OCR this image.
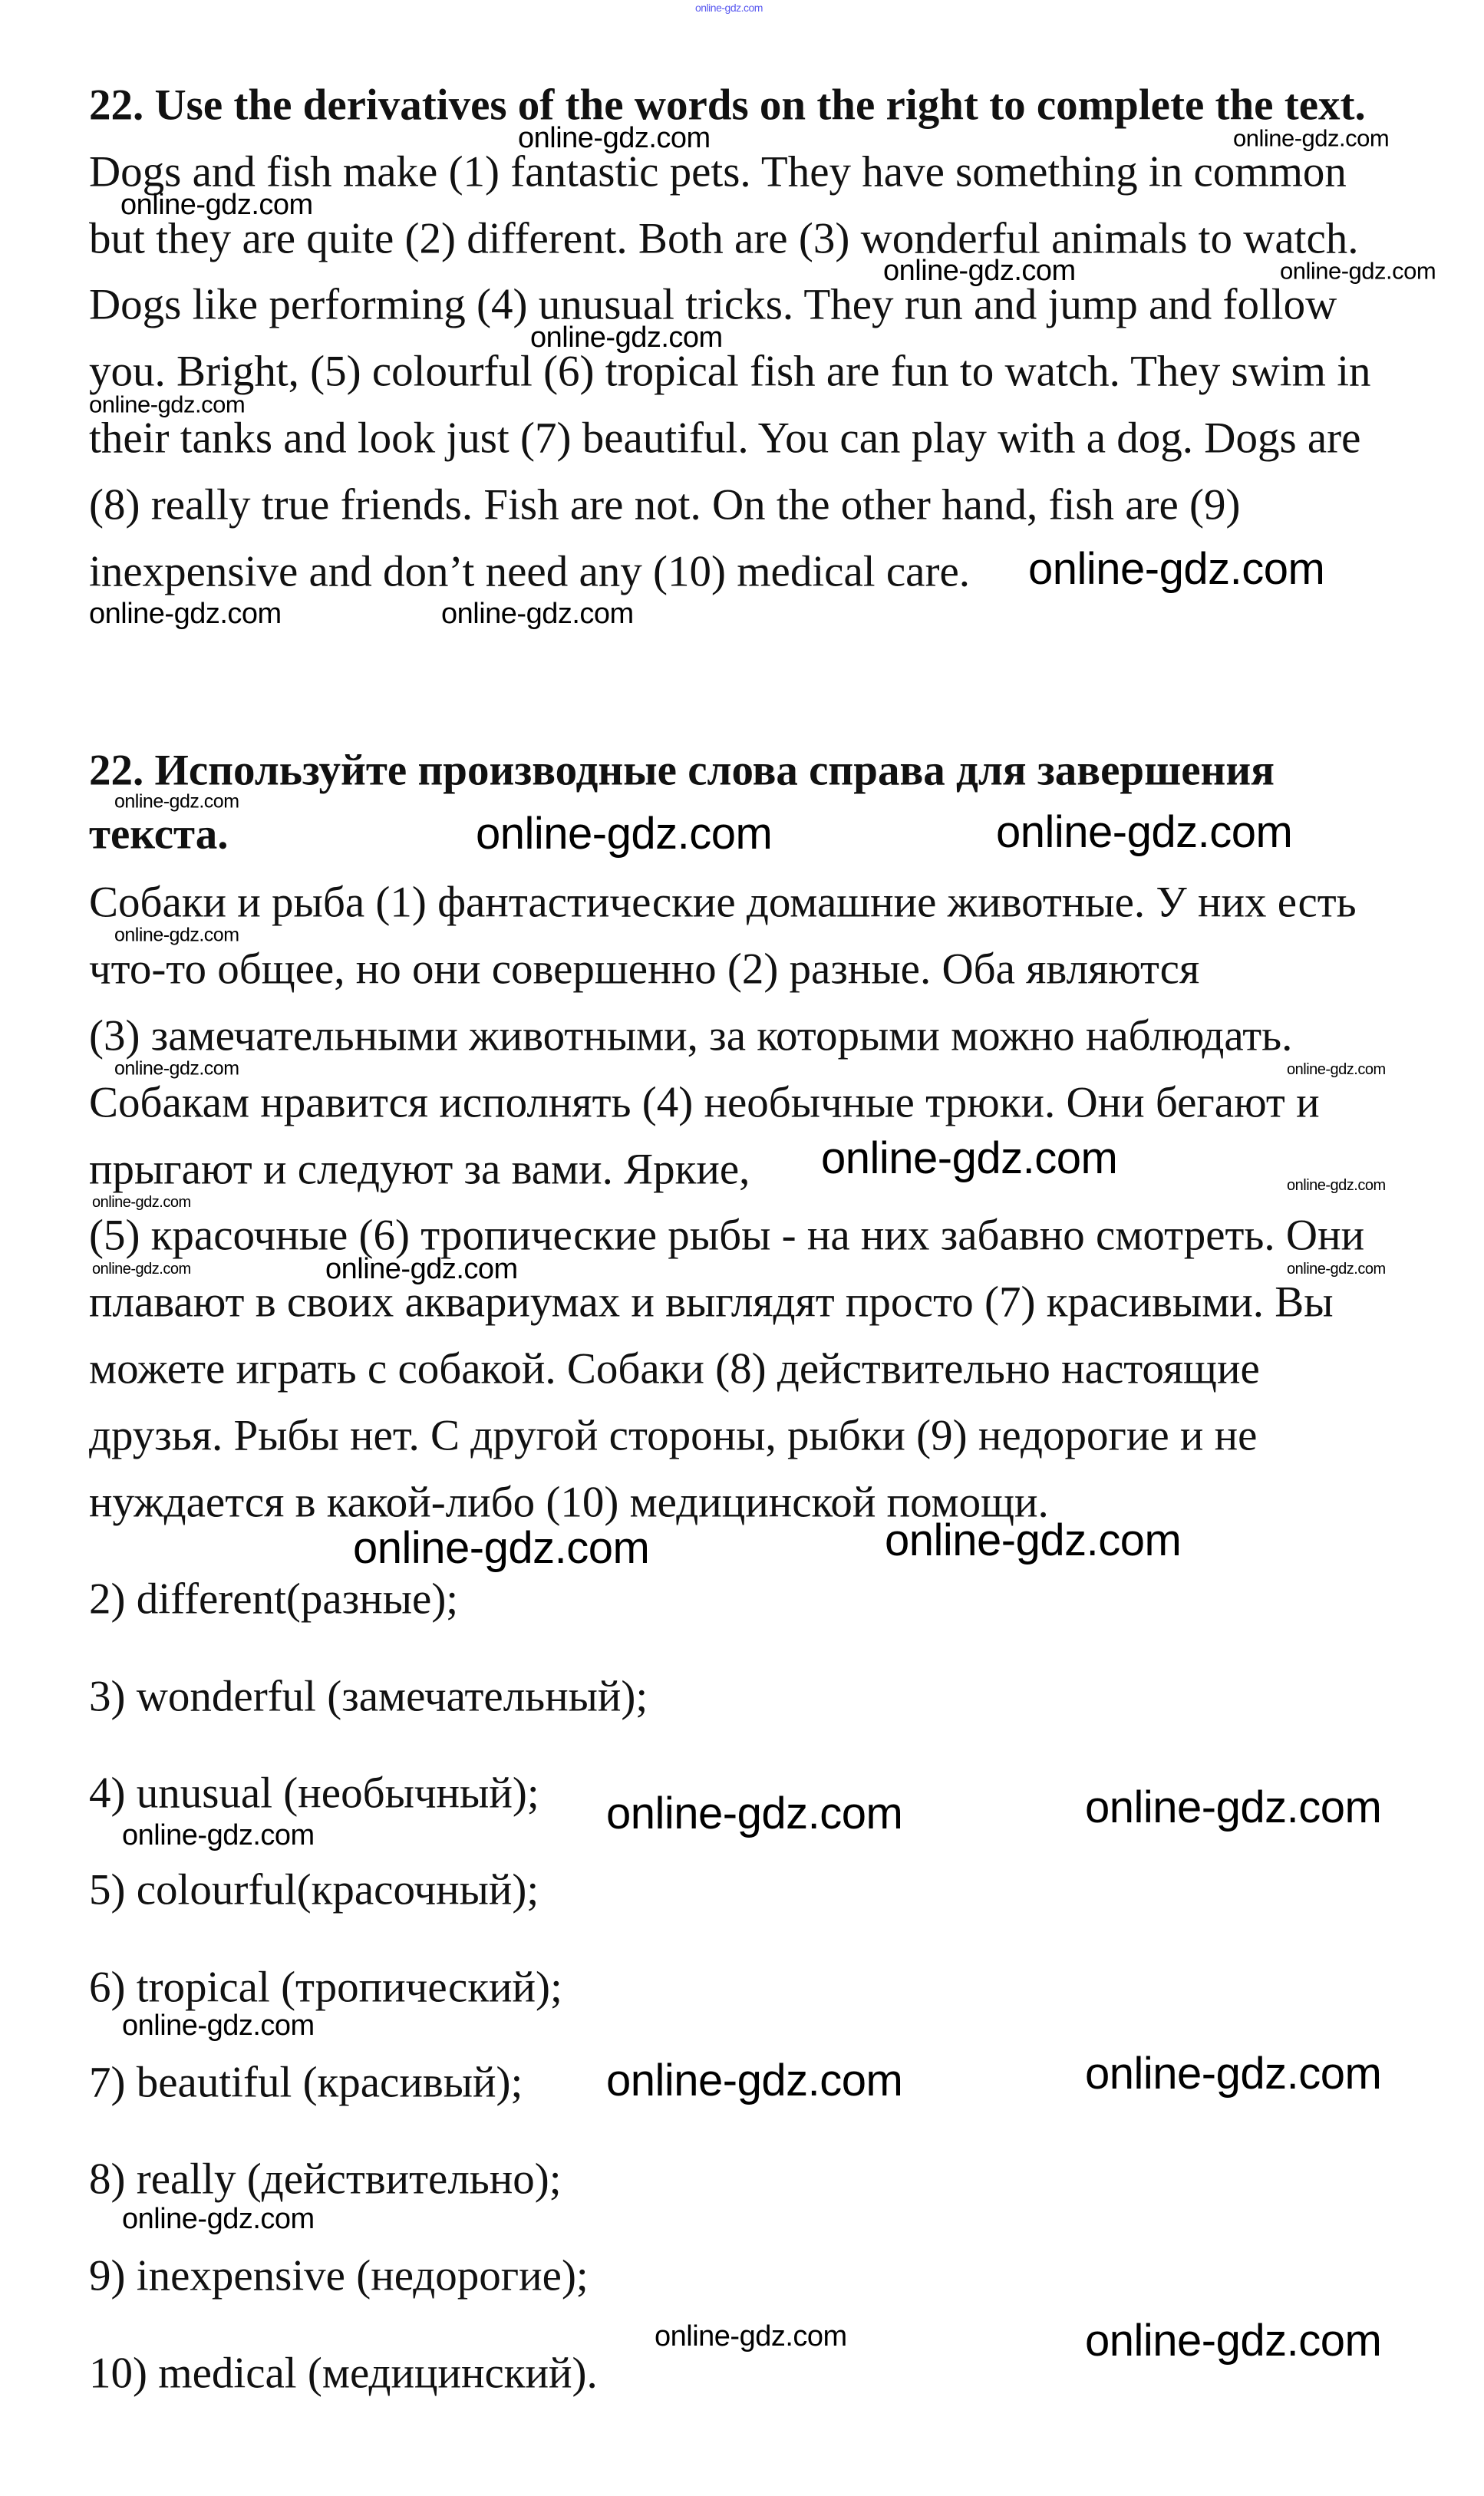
online-gdz.com
22. Use the derivatives of the words on the right to complete the text.
Dogs and fish make (1) fantastic pets. They have something in common
but they are quite (2) different. Both are (3) wonderful animals to watch.
Dogs like performing (4) unusual tricks. They run and jump and follow
you. Bright, (5) colourful (6) tropical fish are fun to watch. They swim in
their tanks and look just (7) beautiful. You can play with a dog. Dogs are
(8) really true friends. Fish are not. On the other hand, fish are (9)
inexpensive and don’t need any (10) medical care.
online-gdz.com	online-gdz.com
online-gdz.com
online-gdz.com	online-gdz.com
online-gdz.com
online-gdz.com
online-gdz.com
online-gdz.com	online-gdz.com
22. Используйте производные слова справа для завершения
текста.
Собаки и рыба (1) фантастические домашние животные. У них есть
что-то общее, но они совершенно (2) разные. Оба являются
(3) замечательными животными, за которыми можно наблюдать.
Собакам нравится исполнять (4) необычные трюки. Они бегают и
прыгают и следуют за вами. Яркие,
(5) красочные (6) тропические рыбы - на них забавно смотреть. Они
плавают в своих аквариумах и выглядят просто (7) красивыми. Вы
можете играть с собакой. Собаки (8) действительно настоящие
друзья. Рыбы нет. С другой стороны, рыбки (9) недорогие и не
нуждается в какой-либо (10) медицинской помощи.
online-gdz.com
online-gdz.com
online-gdz.com
online-gdz.com
online-gdz.com	online-gdz.com
online-gdz.com
online-gdz.com
online-gdz.com
online-gdz.com
online-gdz.com	online-gdz.com
online-gdz.com	online-gdz.com
2) different(разные);
3) wonderful (замечательный);
4) unusual (необычный);
5) colourful(красочный);
6) tropical (тропический);
7) beautiful (красивый);
8) really (действительно);
9) inexpensive (недорогие);
10) medical (медицинский).
online-gdz.com	online-gdz.com
online-gdz.com
online-gdz.com
online-gdz.com	online-gdz.com
online-gdz.com
online-gdz.com	online-gdz.com
